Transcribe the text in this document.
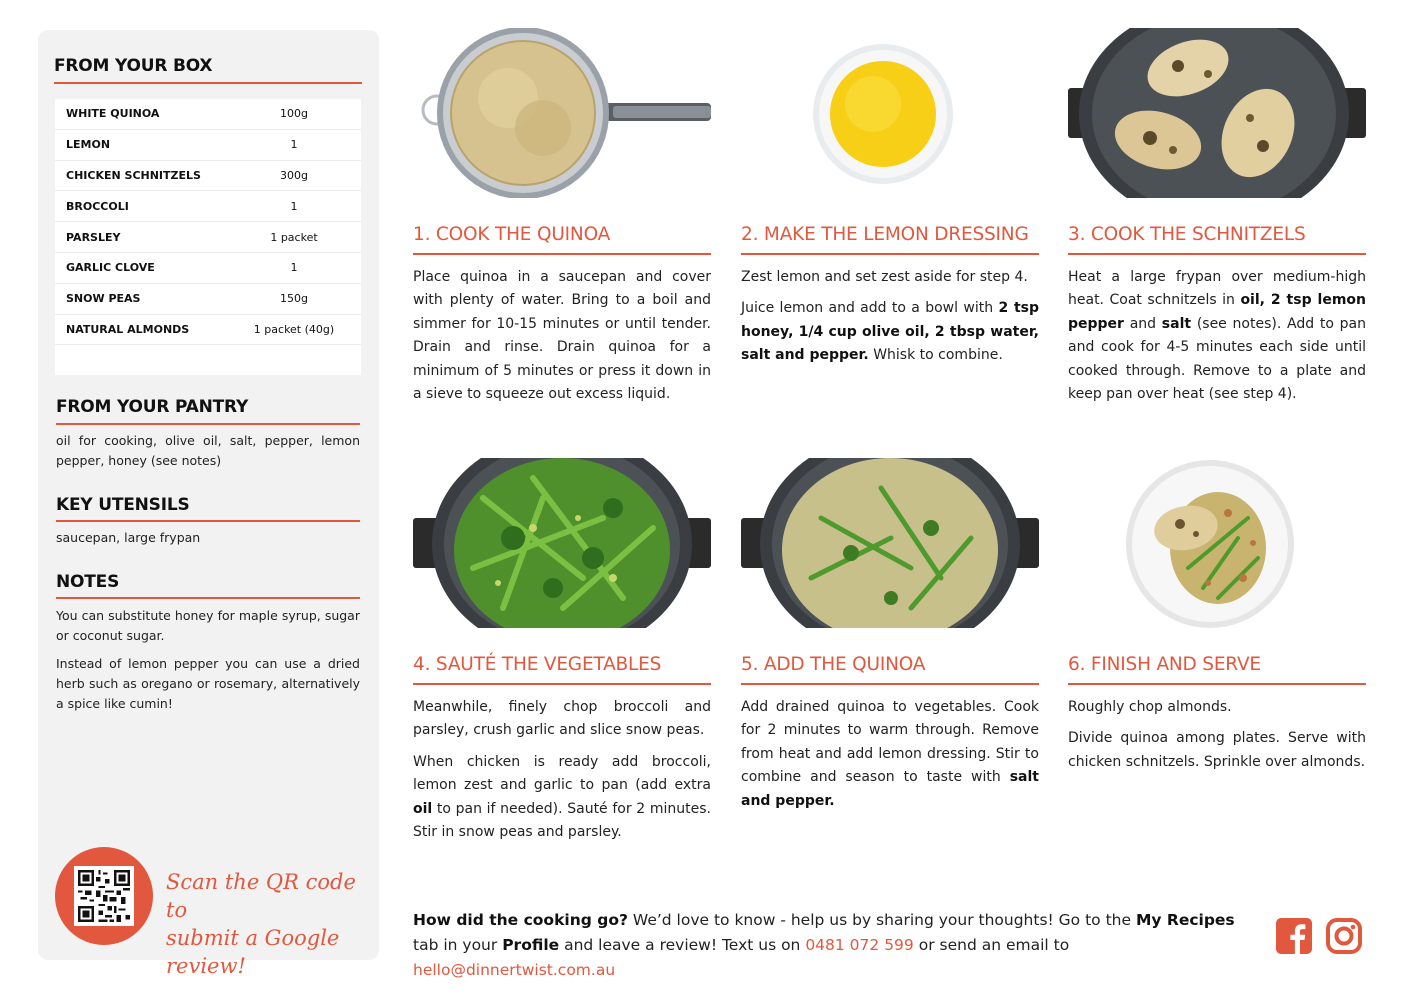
FROM YOUR BOX
WHITE QUINOA	100g
LEMON	1
CHICKEN SCHNITZELS	300g
BROCCOLI	1
PARSLEY	1 packet
GARLIC CLOVE	1
SNOW PEAS	150g
NATURAL ALMONDS	1 packet (40g)
FROM YOUR PANTRY
oil for cooking, olive oil, salt, pepper, lemon pepper, honey (see notes)
KEY UTENSILS
saucepan, large frypan
NOTES
You can substitute honey for maple syrup, sugar or coconut sugar.
Instead of lemon pepper you can use a dried herb such as oregano or rosemary, alternatively a spice like cumin!
Scan the QR code to
submit a Google review!
1. COOK THE QUINOA

Place quinoa in a saucepan and cover with plenty of water. Bring to a boil and simmer for 10-15 minutes or until tender. Drain and rinse. Drain quinoa for a minimum of 5 minutes or press it down in a sieve to squeeze out excess liquid.

2. MAKE THE LEMON DRESSING

Zest lemon and set zest aside for step 4.

Juice lemon and add to a bowl with 2 tsp honey, 1/4 cup olive oil, 2 tbsp water, salt and pepper. Whisk to combine.

3. COOK THE SCHNITZELS

Heat a large frypan over medium-high heat. Coat schnitzels in oil, 2 tsp lemon pepper and salt (see notes). Add to pan and cook for 4-5 minutes each side until cooked through. Remove to a plate and keep pan over heat (see step 4).

4. SAUTÉ THE VEGETABLES

Meanwhile, finely chop broccoli and parsley, crush garlic and slice snow peas.

When chicken is ready add broccoli, lemon zest and garlic to pan (add extra oil to pan if needed). Sauté for 2 minutes. Stir in snow peas and parsley.

5. ADD THE QUINOA

Add drained quinoa to vegetables. Cook for 2 minutes to warm through. Remove from heat and add lemon dressing. Stir to combine and season to taste with salt and pepper.

6. FINISH AND SERVE

Roughly chop almonds.

Divide quinoa among plates. Serve with chicken schnitzels. Sprinkle over almonds.

How did the cooking go? We’d love to know - help us by sharing your thoughts! Go to the My Recipes tab in your Profile and leave a review! Text us on 0481 072 599 or send an email to hello@dinnertwist.com.au
